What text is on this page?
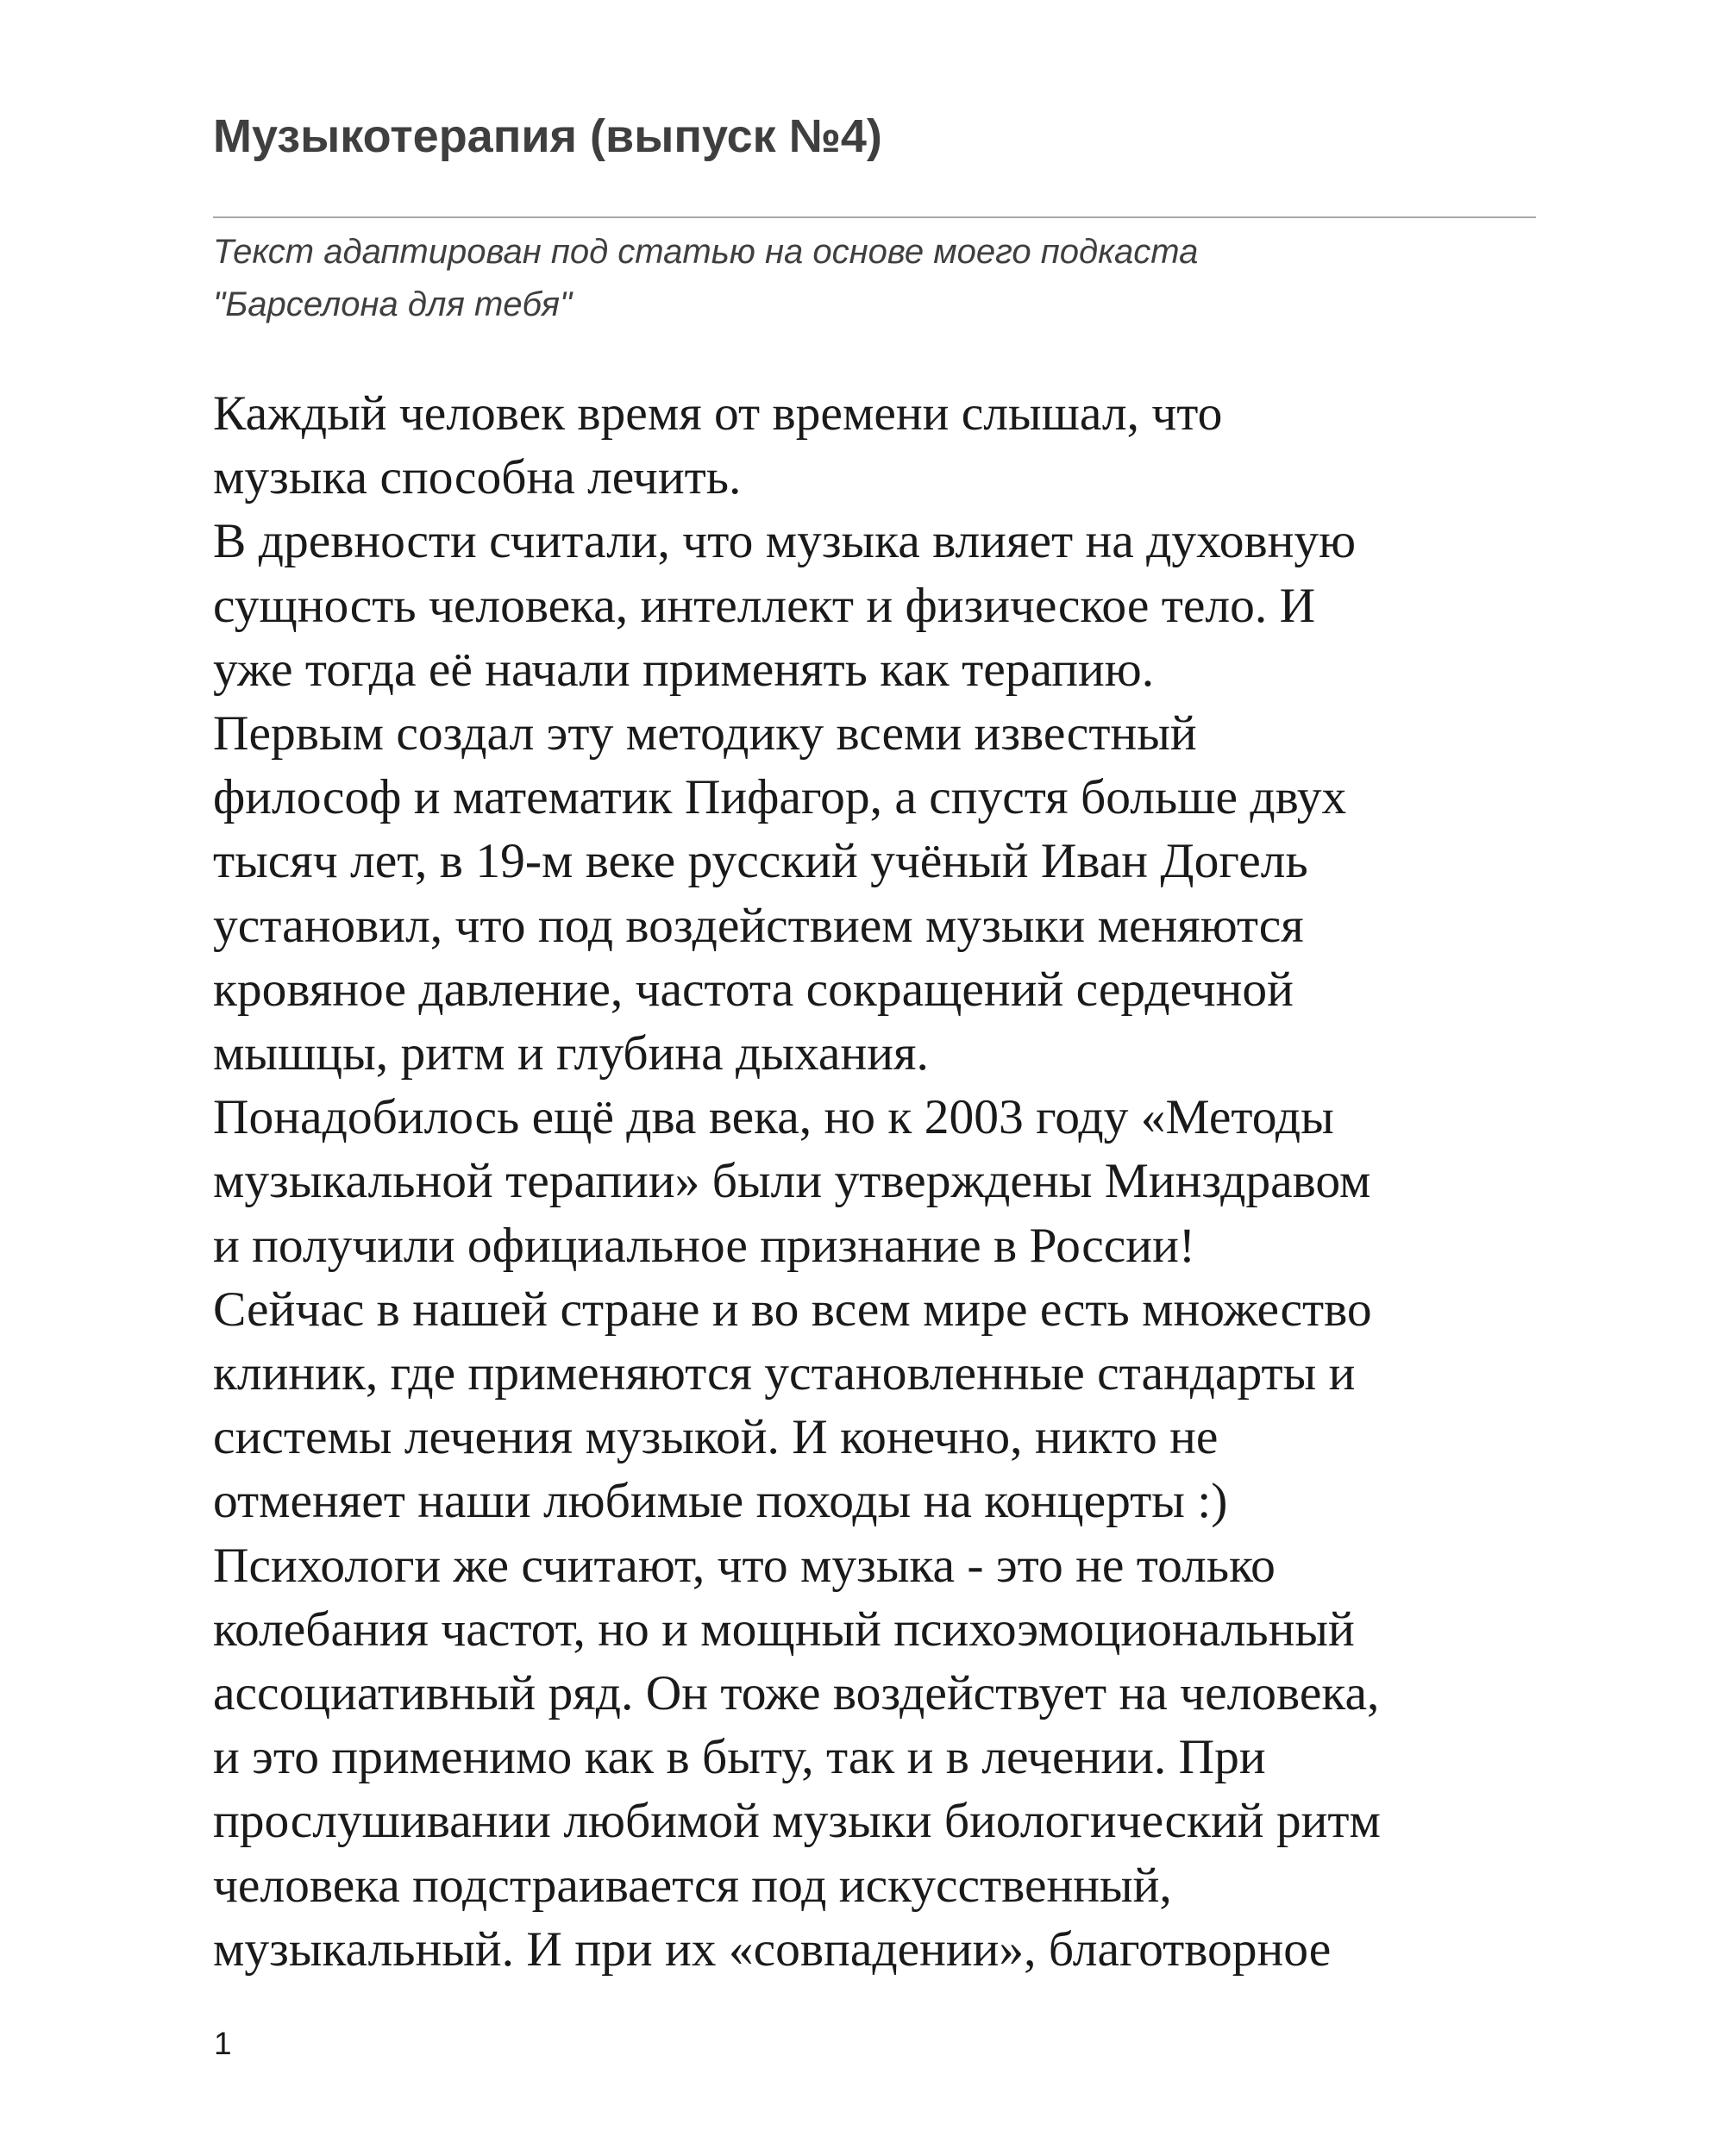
Музыкотерапия (выпуск №4)
Текст адаптирован под статью на основе моего подкаста
"Барселона для тебя"
Каждый человек время от времени слышал, что
музыка способна лечить.
В древности считали, что музыка влияет на духовную
сущность человека, интеллект и физическое тело. И
уже тогда её начали применять как терапию.
Первым создал эту методику всеми известный
философ и математик Пифагор, а спустя больше двух
тысяч лет, в 19-м веке русский учёный Иван Догель
установил, что под воздействием музыки меняются
кровяное давление, частота сокращений сердечной
мышцы, ритм и глубина дыхания.
Понадобилось ещё два века, но к 2003 году «Методы
музыкальной терапии» были утверждены Минздравом
и получили официальное признание в России!
Сейчас в нашей стране и во всем мире есть множество
клиник, где применяются установленные стандарты и
системы лечения музыкой. И конечно, никто не
отменяет наши любимые походы на концерты :)
Психологи же считают, что музыка - это не только
колебания частот, но и мощный психоэмоциональный
ассоциативный ряд. Он тоже воздействует на человека,
и это применимо как в быту, так и в лечении. При
прослушивании любимой музыки биологический ритм
человека подстраивается под искусственный,
музыкальный. И при их «совпадении», благотворное
1
